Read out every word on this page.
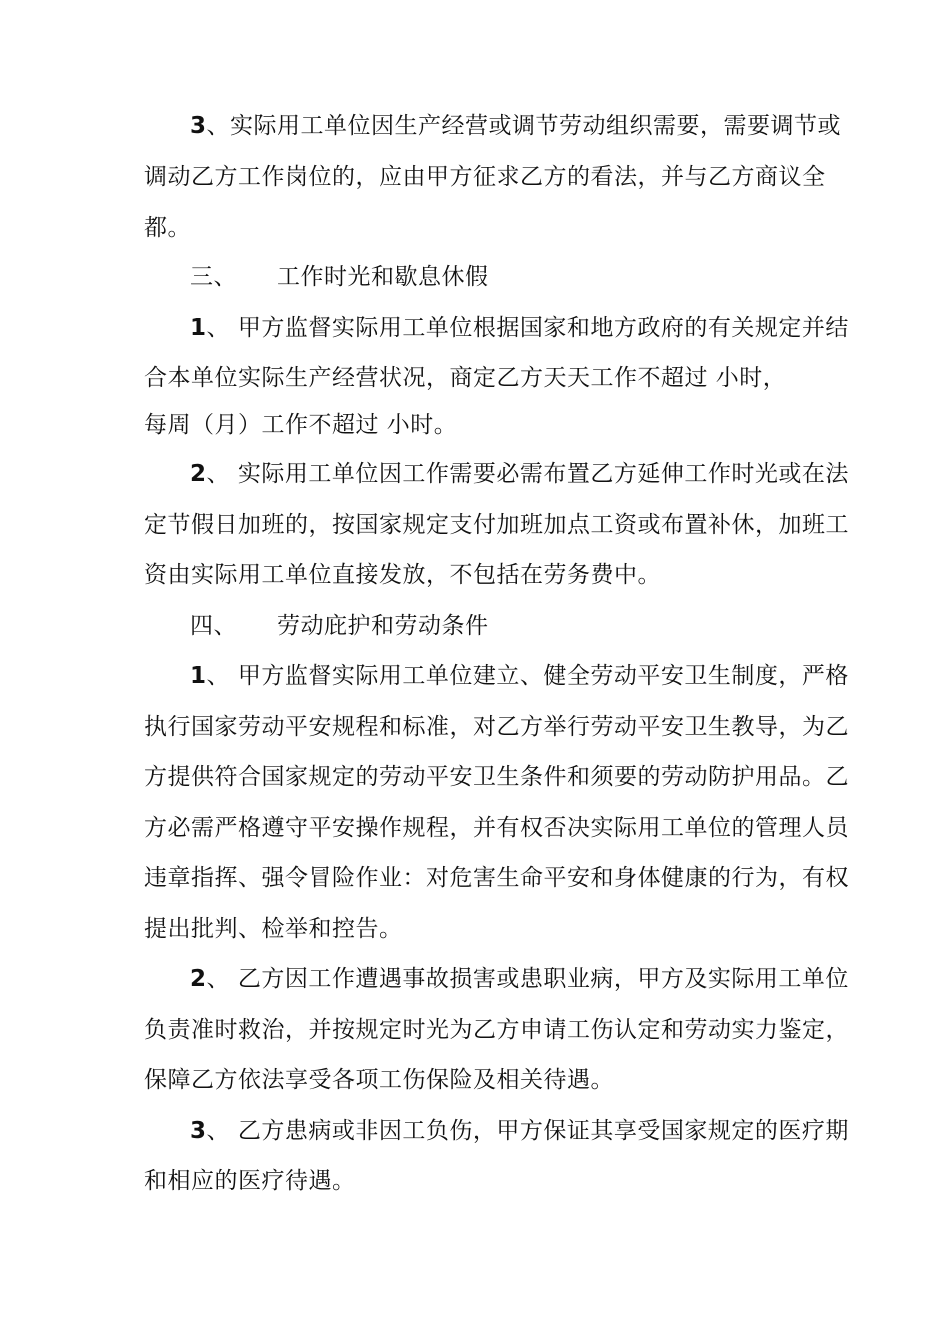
3、实际用工单位因生产经营或调节劳动组织需要，需要调节或
调动乙方工作岗位的，应由甲方征求乙方的看法，并与乙方商议全
都。
三、 工作时光和歇息休假
1、 甲方监督实际用工单位根据国家和地方政府的有关规定并结
合本单位实际生产经营状况，商定乙方天天工作不超过 小时，
每周（月）工作不超过 小时。
2、 实际用工单位因工作需要必需布置乙方延伸工作时光或在法
定节假日加班的，按国家规定支付加班加点工资或布置补休，加班工
资由实际用工单位直接发放，不包括在劳务费中。
四、 劳动庇护和劳动条件
1、 甲方监督实际用工单位建立、健全劳动平安卫生制度，严格
执行国家劳动平安规程和标准，对乙方举行劳动平安卫生教导，为乙
方提供符合国家规定的劳动平安卫生条件和须要的劳动防护用品。乙
方必需严格遵守平安操作规程，并有权否决实际用工单位的管理人员
违章指挥、强令冒险作业：对危害生命平安和身体健康的行为，有权
提出批判、检举和控告。
2、 乙方因工作遭遇事故损害或患职业病，甲方及实际用工单位
负责准时救治，并按规定时光为乙方申请工伤认定和劳动实力鉴定，
保障乙方依法享受各项工伤保险及相关待遇。
3、 乙方患病或非因工负伤，甲方保证其享受国家规定的医疗期
和相应的医疗待遇。
